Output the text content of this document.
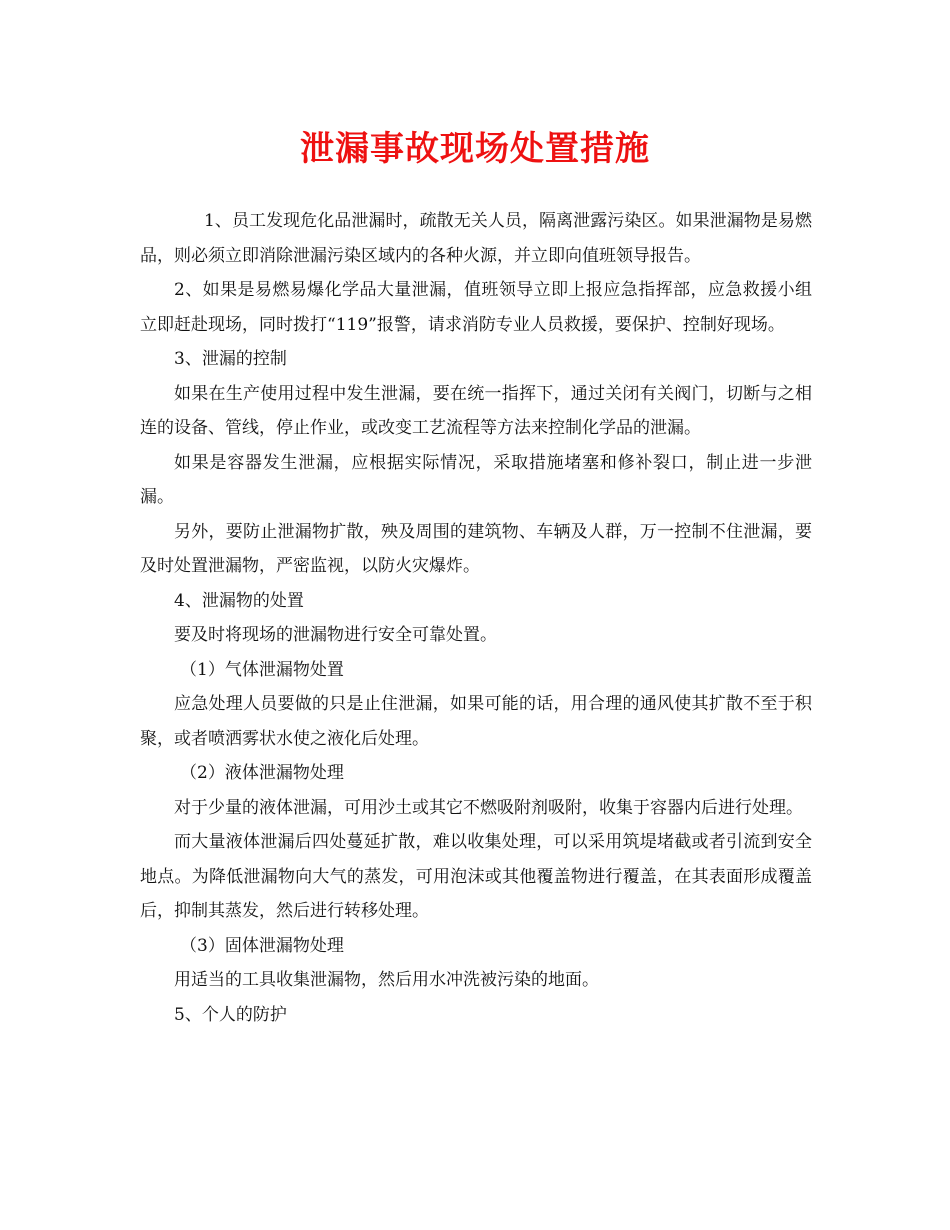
泄漏事故现场处置措施

1、员工发现危化品泄漏时，疏散无关人员，隔离泄露污染区。如果泄漏物是易燃品，则必须立即消除泄漏污染区域内的各种火源，并立即向值班领导报告。

2、如果是易燃易爆化学品大量泄漏，值班领导立即上报应急指挥部，应急救援小组立即赶赴现场，同时拨打“119”报警，请求消防专业人员救援，要保护、控制好现场。

3、泄漏的控制

如果在生产使用过程中发生泄漏，要在统一指挥下，通过关闭有关阀门，切断与之相连的设备、管线，停止作业，或改变工艺流程等方法来控制化学品的泄漏。

如果是容器发生泄漏，应根据实际情况，采取措施堵塞和修补裂口，制止进一步泄漏。

另外，要防止泄漏物扩散，殃及周围的建筑物、车辆及人群，万一控制不住泄漏，要及时处置泄漏物，严密监视，以防火灾爆炸。

4、泄漏物的处置

要及时将现场的泄漏物进行安全可靠处置。

（1）气体泄漏物处置

应急处理人员要做的只是止住泄漏，如果可能的话，用合理的通风使其扩散不至于积聚，或者喷洒雾状水使之液化后处理。

（2）液体泄漏物处理

对于少量的液体泄漏，可用沙土或其它不燃吸附剂吸附，收集于容器内后进行处理。

而大量液体泄漏后四处蔓延扩散，难以收集处理，可以采用筑堤堵截或者引流到安全地点。为降低泄漏物向大气的蒸发，可用泡沫或其他覆盖物进行覆盖，在其表面形成覆盖后，抑制其蒸发，然后进行转移处理。

（3）固体泄漏物处理

用适当的工具收集泄漏物，然后用水冲洗被污染的地面。

5、个人的防护
